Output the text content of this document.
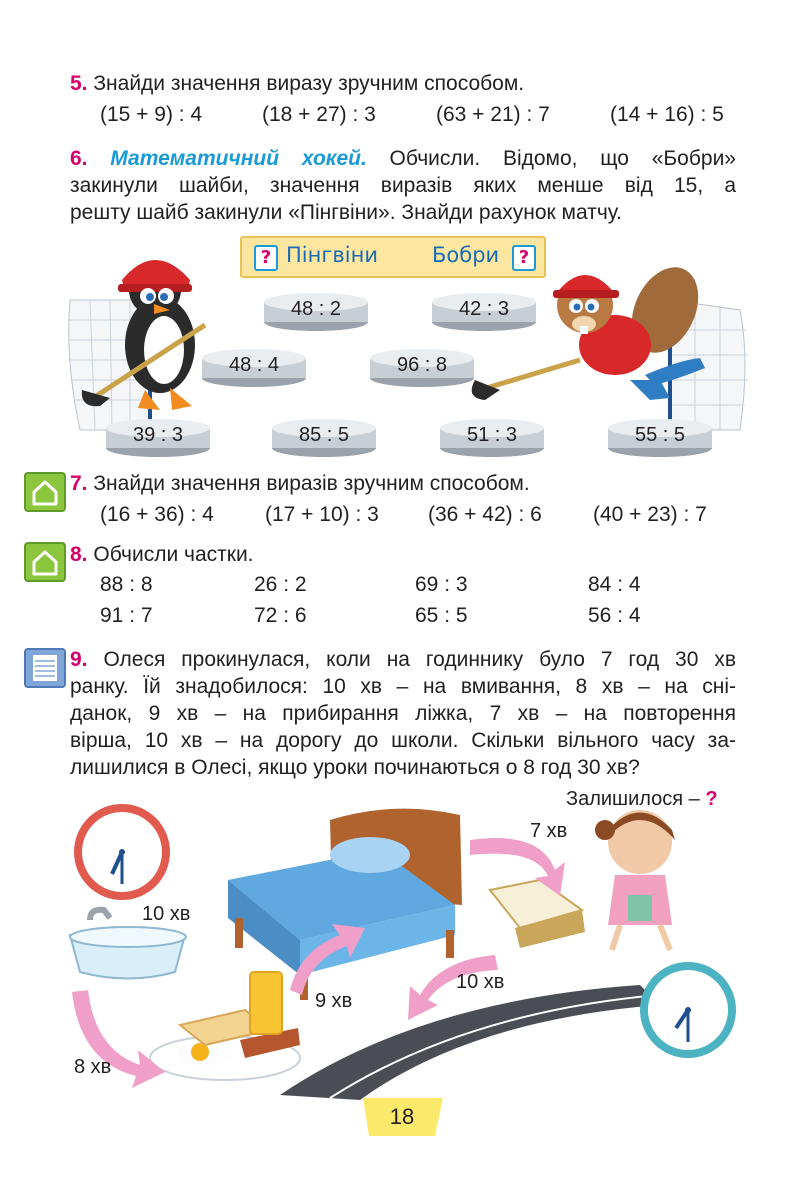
5. Знайди значення виразу зручним способом.
(15 + 9) : 4	(18 + 27) : 3	(63 + 21) : 7	(14 + 16) : 5
6. Математичний хокей. Обчисли. Відомо, що «Бобри»
закинули шайби, значення виразів яких менше від 15, а
решту шайб закинули «Пінгвіни». Знайди рахунок матчу.
? Пінгвіни	Бобри	?
48 : 2	42 : 3
48 : 4	96 : 8
39 : 3	85 : 5	51 : 3	55 : 5
7. Знайди значення виразів зручним способом.
(16 + 36) : 4 (17 + 10) : 3 (36 + 42) : 6 (40 + 23) : 7
8. Обчисли частки.
88 : 8	26 : 2	69 : 3	84 : 4
91 : 7	72 : 6	65 : 5	56 : 4
9. Олеся прокинулася, коли на годиннику було 7 год 30 хв
ранку. Їй знадобилося: 10 хв – на вмивання, 8 хв – на сні-
данок, 9 хв – на прибирання ліжка, 7 хв – на повторення
вірша, 10 хв – на дорогу до школи. Скільки вільного часу за-
лишилися в Олесі, якщо уроки починаються о 8 год 30 хв?
Залишилося – ?
10 хв
8 хв
9 хв
7 хв
10 хв
18
